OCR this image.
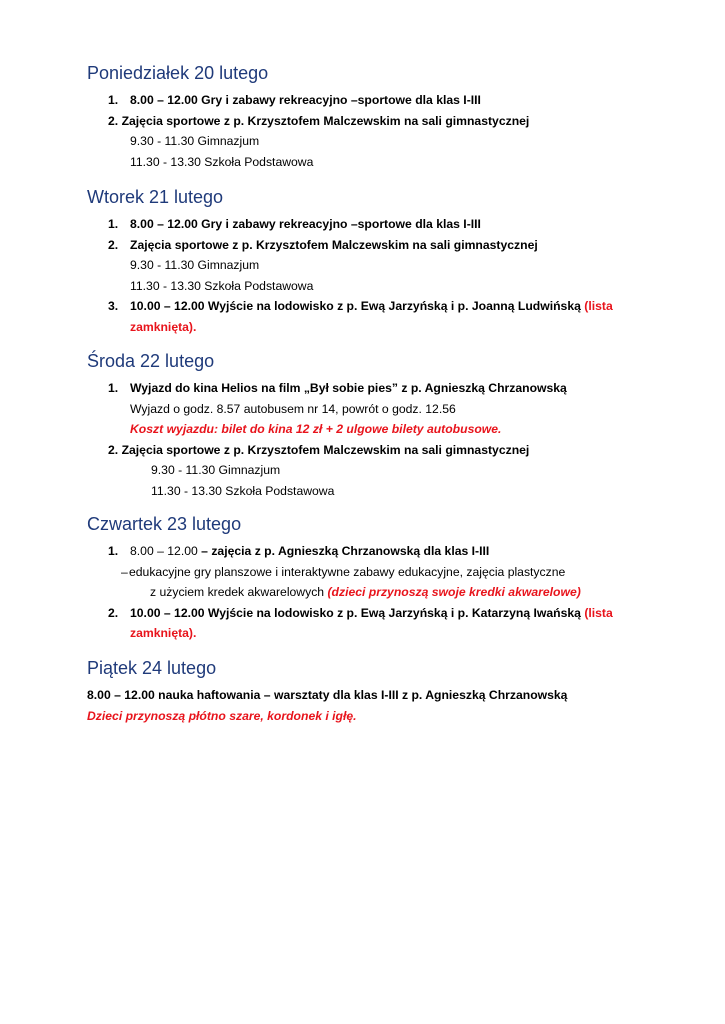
Poniedziałek 20 lutego
1. 8.00 – 12.00 Gry i zabawy rekreacyjno –sportowe dla klas I-III
2. Zajęcia sportowe z p. Krzysztofem Malczewskim na sali gimnastycznej
9.30 - 11.30 Gimnazjum
11.30 - 13.30 Szkoła Podstawowa
Wtorek 21 lutego
1. 8.00 – 12.00 Gry i zabawy rekreacyjno –sportowe dla klas I-III
2. Zajęcia sportowe z p. Krzysztofem Malczewskim na sali gimnastycznej
9.30 - 11.30 Gimnazjum
11.30 - 13.30 Szkoła Podstawowa
3. 10.00 – 12.00 Wyjście na lodowisko z p. Ewą Jarzyńską i p. Joanną Ludwińską (lista
zamknięta).
Środa 22 lutego
1. Wyjazd do kina Helios na film „Był sobie pies” z p. Agnieszką Chrzanowską
Wyjazd o godz. 8.57 autobusem nr 14, powrót o godz. 12.56
Koszt wyjazdu: bilet do kina 12 zł + 2 ulgowe bilety autobusowe.
2. Zajęcia sportowe z p. Krzysztofem Malczewskim na sali gimnastycznej
9.30 - 11.30 Gimnazjum
11.30 - 13.30 Szkoła Podstawowa
Czwartek 23 lutego
1. 8.00 – 12.00 – zajęcia z p. Agnieszką Chrzanowską dla klas I-III
–edukacyjne gry planszowe i interaktywne zabawy edukacyjne, zajęcia plastyczne
z użyciem kredek akwarelowych (dzieci przynoszą swoje kredki akwarelowe)
2. 10.00 – 12.00 Wyjście na lodowisko z p. Ewą Jarzyńską i p. Katarzyną Iwańską (lista
zamknięta).
Piątek 24 lutego
8.00 – 12.00 nauka haftowania – warsztaty dla klas I-III z p. Agnieszką Chrzanowską
Dzieci przynoszą płótno szare, kordonek i igłę.
